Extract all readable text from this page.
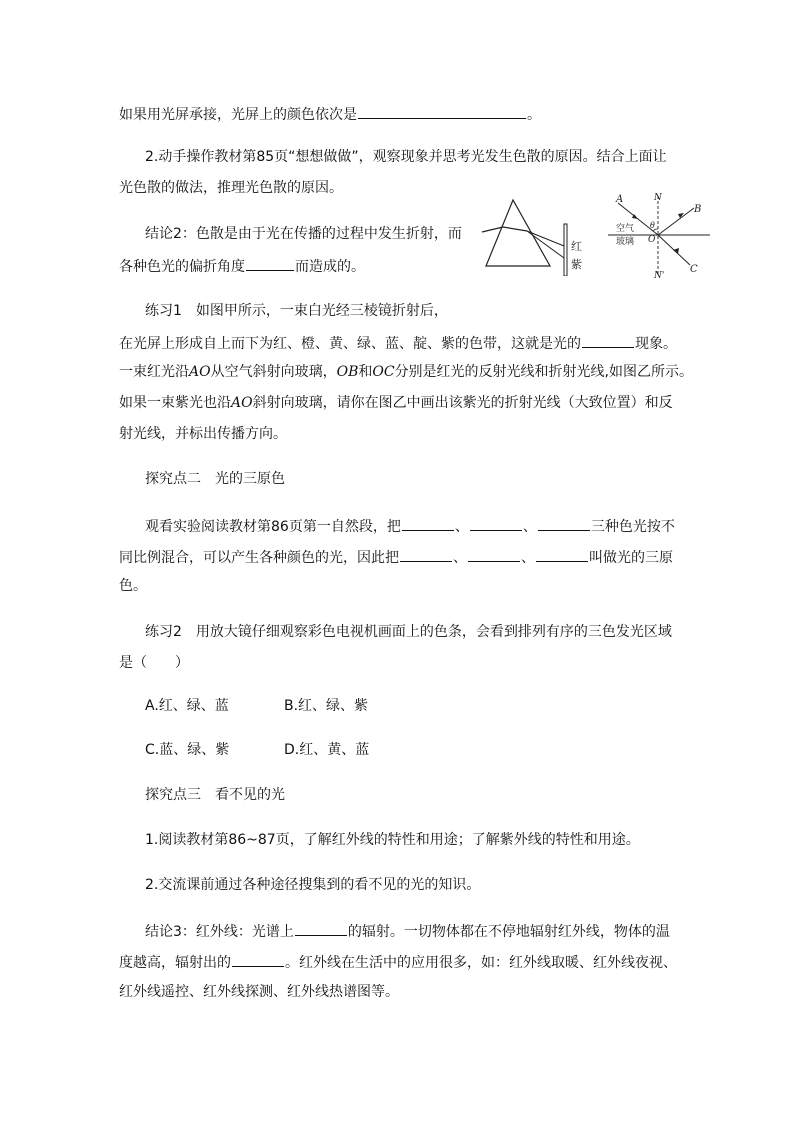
如果用光屏承接，光屏上的颜色依次是	。
2.动手操作教材第85页“想想做做”，观察现象并思考光发生色散的原因。结合上面让
光色散的做法，推理光色散的原因。
结论2：色散是由于光在传播的过程中发生折射，而
各种色光的偏折角度	而造成的。
红
紫
A	N
B
空气
玻璃 O
θ
C
N'
练习1　如图甲所示，一束白光经三棱镜折射后，
在光屏上形成自上而下为红、橙、黄、绿、蓝、靛、紫的色带，这就是光的	现象。
一束红光沿AO从空气斜射向玻璃，OB和OC分别是红光的反射光线和折射光线,如图乙所示。
如果一束紫光也沿AO斜射向玻璃，请你在图乙中画出该紫光的折射光线（大致位置）和反
射光线，并标出传播方向。
探究点二　光的三原色
观看实验阅读教材第86页第一自然段，把	、	、	三种色光按不
同比例混合，可以产生各种颜色的光，因此把	、	、	叫做光的三原
色。
练习2　用放大镜仔细观察彩色电视机画面上的色条，会看到排列有序的三色发光区域
是（　　）
A.红、绿、蓝	B.红、绿、紫
C.蓝、绿、紫	D.红、黄、蓝
探究点三　看不见的光
1.阅读教材第86~87页，了解红外线的特性和用途；了解紫外线的特性和用途。
2.交流课前通过各种途径搜集到的看不见的光的知识。
结论3：红外线：光谱上	的辐射。一切物体都在不停地辐射红外线，物体的温
度越高，辐射出的	。红外线在生活中的应用很多，如：红外线取暖、红外线夜视、
红外线遥控、红外线探测、红外线热谱图等。
